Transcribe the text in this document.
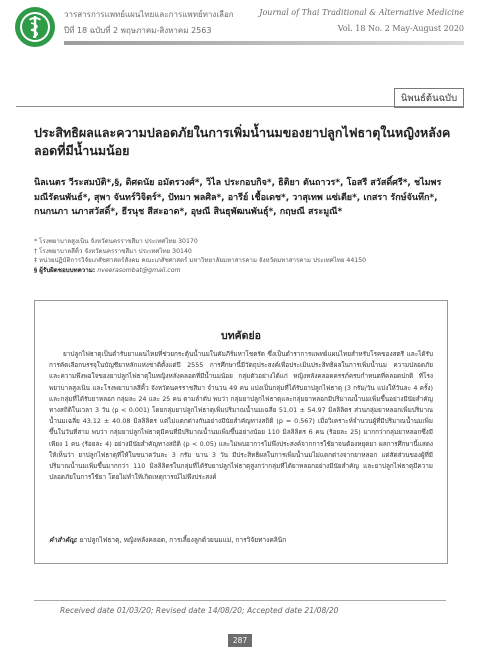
วารสารการแพทย์แผนไทยและการแพทย์ทางเลือก	Journal of Thai Traditional & Alternative Medicine
ปีที่ 18 ฉบับที่ 2 พฤษภาคม-สิงหาคม 2563	Vol. 18 No. 2 May-August 2020
นิพนธ์ต้นฉบับ
ประสิทธิผลและความปลอดภัยในการเพิ่มน้ำนมของยาปลูกไฟธาตุในหญิงหลังคลอดที่มีน้ำนมน้อย
นิลเนตร วีระสมบัติ*,§, ดิศดนัย อมัตรวงศ์*, วิไล ประกอบกิจ*, ธิติยา ตันถาวร*, โอสรี สวัสดิ์ศรี*, ชไมพร มณีรัตนพันธ์*, สุพา จันทร์วิจิตร์*, ปัทมา พลศิล*, อารีย์ เชื้อเดช*, วาสุเทพ แซ่เตีย*, เกสรา รักษ์จันทึก*, กนกนภา นภาสวัสดิ์*, ธีรนุช สีสะอาด*, อุษณี สินธุพัฒนพันธุ์*, กฤษณี สระมูณี*
* โรงพยาบาลสูงเนิน จังหวัดนครราชสีมา ประเทศไทย 30170
† โรงพยาบาลสีคิ้ว จังหวัดนครราชสีมา ประเทศไทย 30140
‡ หน่วยปฏิบัติการวิจัยเภสัชศาสตร์สังคม คณะเภสัชศาสตร์ มหาวิทยาลัยมหาสารคาม จังหวัดมหาสารคาม ประเทศไทย 44150
§ ผู้รับผิดชอบบทความ: nveerasombat@gmail.com
บทคัดย่อ

ยาปลูกไฟธาตุเป็นตำรับยาแผนไทยที่ช่วยกระตุ้นน้ำนมในคัมภีร์มหาโชตรัต ซึ่งเป็นตำราการแพทย์แผนไทยสำหรับโรคของสตรี และได้รับการคัดเลือกบรรจุในบัญชียาหลักแห่งชาติตั้งแต่ปี 2555 การศึกษานี้มีวัตถุประสงค์เพื่อประเมินประสิทธิผลในการเพิ่มน้ำนม ความปลอดภัย และความพึงพอใจของยาปลูกไฟธาตุในหญิงหลังคลอดที่มีน้ำนมน้อย กลุ่มตัวอย่างได้แก่ หญิงหลังคลอดครรภ์ครบกำหนดที่คลอดปกติ ที่โรงพยาบาลสูงเนิน และโรงพยาบาลสีคิ้ว จังหวัดนครราชสีมา จำนวน 49 คน แบ่งเป็นกลุ่มที่ได้รับยาปลูกไฟธาตุ (3 กรัม/วัน แบ่งให้วันละ 4 ครั้ง) และกลุ่มที่ได้รับยาหลอก กลุ่มละ 24 และ 25 คน ตามลำดับ พบว่า กลุ่มยาปลูกไฟธาตุและกลุ่มยาหลอกมีปริมาณน้ำนมเพิ่มขึ้นอย่างมีนัยสำคัญทางสถิติในเวลา 3 วัน (p < 0.001) โดยกลุ่มยาปลูกไฟธาตุเพิ่มปริมาณน้ำนมเฉลี่ย 51.01 ± 54.97 มิลลิลิตร ส่วนกลุ่มยาหลอกเพิ่มปริมาณน้ำนมเฉลี่ย 43.12 ± 40.08 มิลลิลิตร แต่ไม่แตกต่างกันอย่างมีนัยสำคัญทางสถิติ (p = 0.567) เมื่อวิเคราะห์จำนวนผู้ที่มีปริมาณน้ำนมเพิ่มขึ้นในวันที่สาม พบว่า กลุ่มยาปลูกไฟธาตุมีคนที่มีปริมาณน้ำนมเพิ่มขึ้นอย่างน้อย 110 มิลลิลิตร 6 คน (ร้อยละ 25) มากกว่ากลุ่มยาหลอกซึ่งมีเพียง 1 คน (ร้อยละ 4) อย่างมีนัยสำคัญทางสถิติ (p < 0.05) และไม่พบอาการไม่พึงประสงค์จากการใช้ยาจนต้องหยุดยา ผลการศึกษานี้แสดงให้เห็นว่า ยาปลูกไฟธาตุที่ให้ในขนาดวันละ 3 กรัม นาน 3 วัน มีประสิทธิผลในการเพิ่มน้ำนมไม่แตกต่างจากยาหลอก แต่สัดส่วนของผู้ที่มีปริมาณน้ำนมเพิ่มขึ้นมากกว่า 110 มิลลิลิตรในกลุ่มที่ได้รับยาปลูกไฟธาตุสูงกว่ากลุ่มที่ได้ยาหลอกอย่างมีนัยสำคัญ และยาปลูกไฟธาตุมีความปลอดภัยในการใช้ยา โดยไม่ทำให้เกิดเหตุการณ์ไม่พึงประสงค์

คำสำคัญ: ยาปลูกไฟธาตุ, หญิงหลังคลอด, การเลี้ยงลูกด้วยนมแม่, การวิจัยทางคลินิก
Received date 01/03/20; Revised date 14/08/20; Accepted date 21/08/20
287
